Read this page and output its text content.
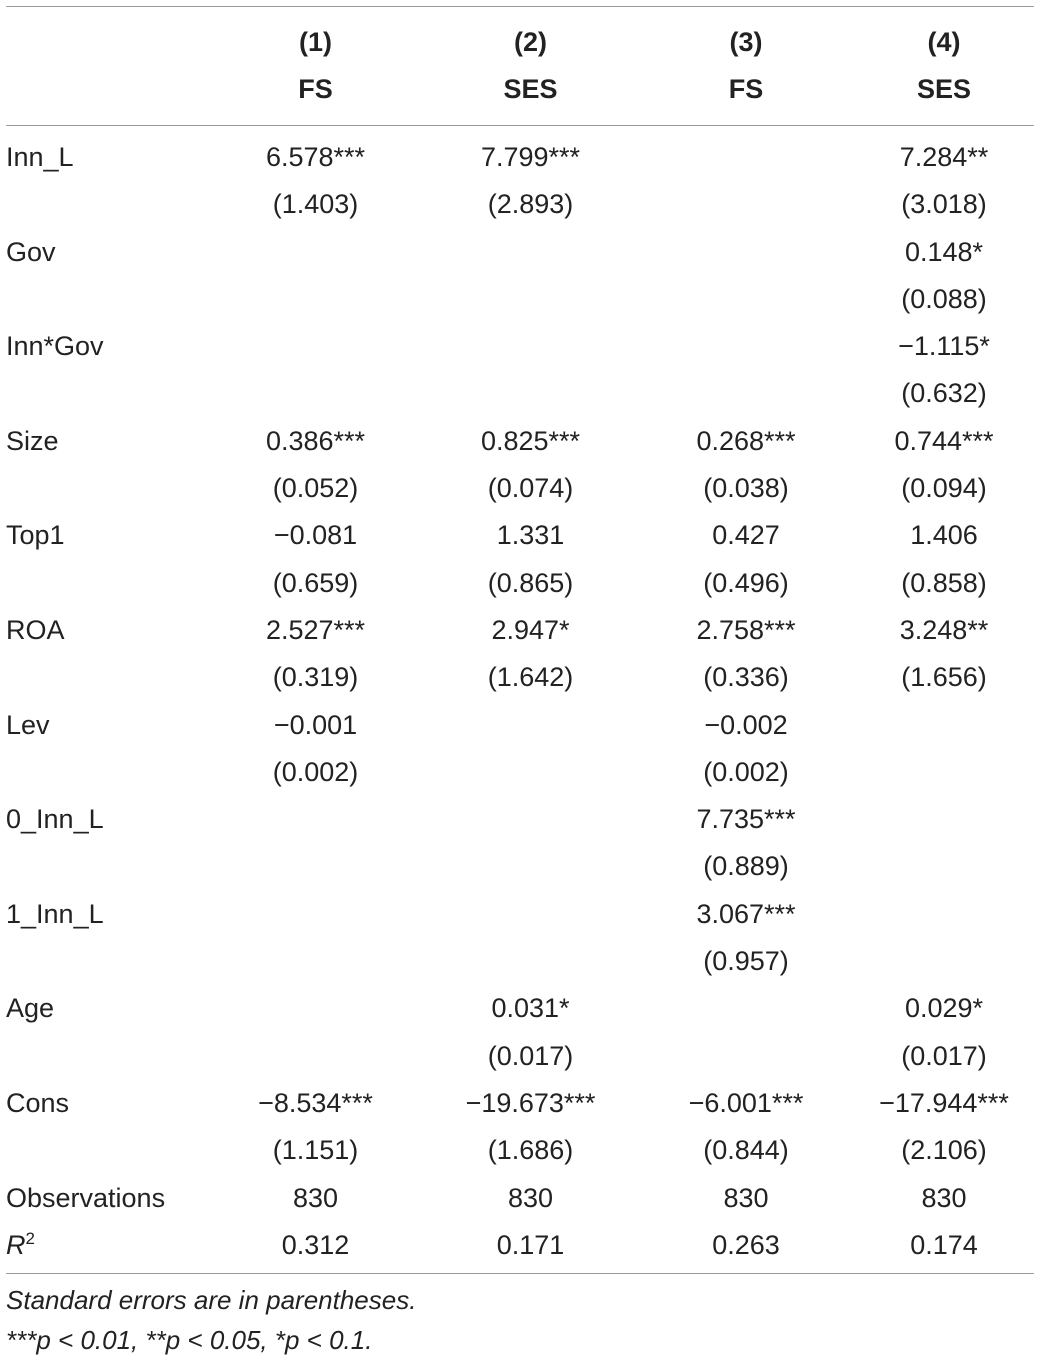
	(1)	(2)	(3)	(4)
	FS	SES	FS	SES
Inn_L	6.578***	7.799***		7.284**
	(1.403)	(2.893)		(3.018)
Gov				0.148*
				(0.088)
Inn*Gov				−1.115*
				(0.632)
Size	0.386***	0.825***	0.268***	0.744***
	(0.052)	(0.074)	(0.038)	(0.094)
Top1	−0.081	1.331	0.427	1.406
	(0.659)	(0.865)	(0.496)	(0.858)
ROA	2.527***	2.947*	2.758***	3.248**
	(0.319)	(1.642)	(0.336)	(1.656)
Lev	−0.001		−0.002	
	(0.002)		(0.002)	
0_Inn_L			7.735***	
			(0.889)	
1_Inn_L			3.067***	
			(0.957)	
Age		0.031*		0.029*
		(0.017)		(0.017)
Cons	−8.534***	−19.673***	−6.001***	−17.944***
	(1.151)	(1.686)	(0.844)	(2.106)
Observations	830	830	830	830
$R^2$	0.312	0.171	0.263	0.174
Standard errors are in parentheses.
***p < 0.01, **p < 0.05, *p < 0.1.
